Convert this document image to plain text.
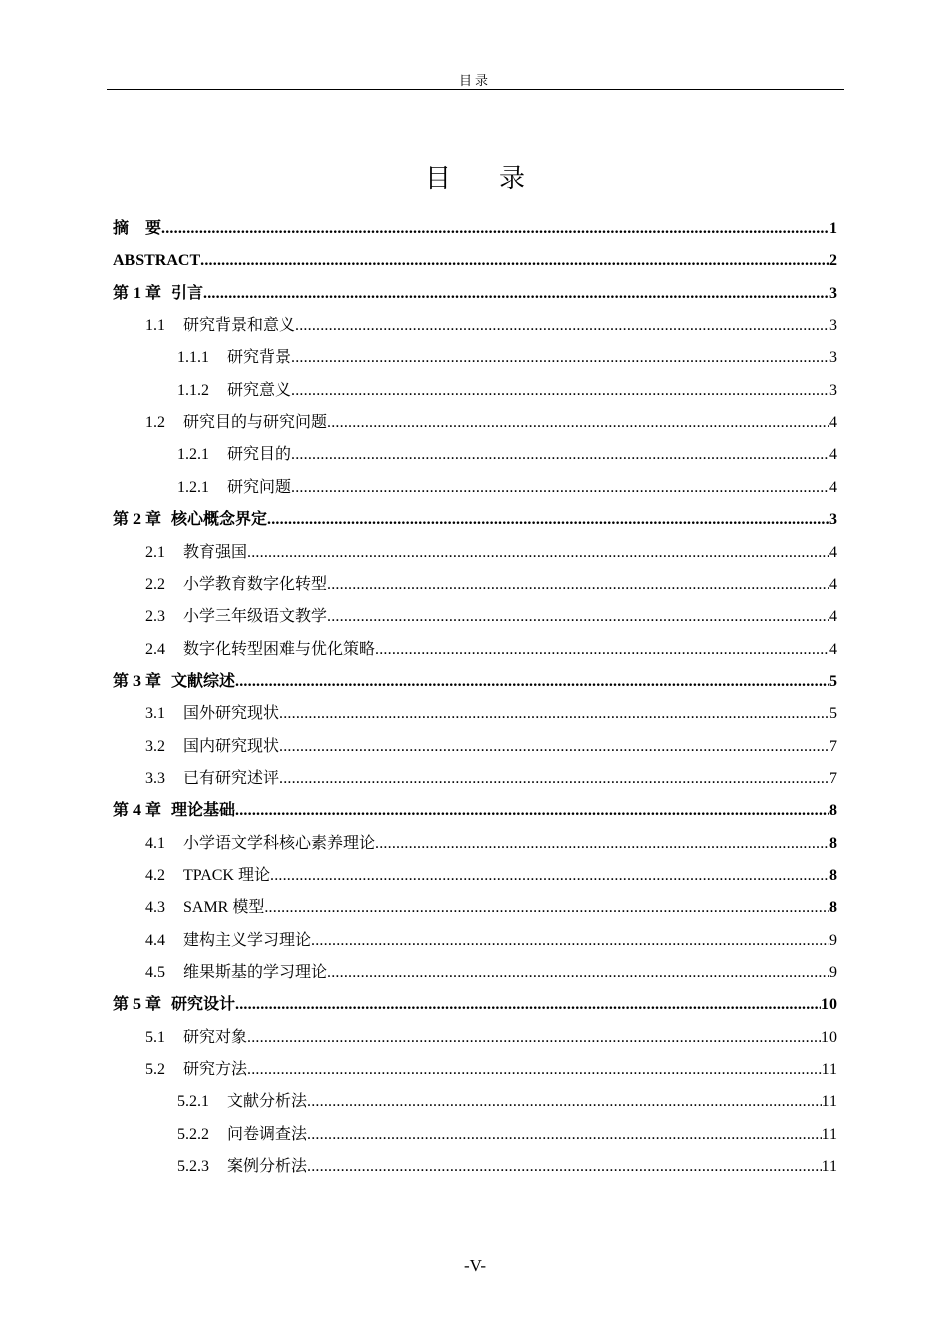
目录
目 录
摘　要 .....	1
ABSTRACT .....	2
第 1 章 引言 .....	3
1.1 研究背景和意义 .....	3
1.1.1 研究背景 .....	3
1.1.2 研究意义 .....	3
1.2 研究目的与研究问题 .....	4
1.2.1 研究目的 .....	4
1.2.1 研究问题 .....	4
第 2 章 核心概念界定 .....	3
2.1 教育强国 .....	4
2.2 小学教育数字化转型 .....	4
2.3 小学三年级语文教学 .....	4
2.4 数字化转型困难与优化策略 .....	4
第 3 章 文献综述 .....	5
3.1 国外研究现状 .....	5
3.2 国内研究现状 .....	7
3.3 已有研究述评 .....	7
第 4 章 理论基础 .....	8
4.1 小学语文学科核心素养理论 .....	8
4.2 TPACK 理论 .....	8
4.3 SAMR 模型 .....	8
4.4 建构主义学习理论 .....	9
4.5 维果斯基的学习理论 .....	9
第 5 章 研究设计 .....	10
5.1 研究对象 .....	10
5.2 研究方法 .....	11
5.2.1 文献分析法 .....	11
5.2.2 问卷调查法 .....	11
5.2.3 案例分析法 .....	11
-V-
